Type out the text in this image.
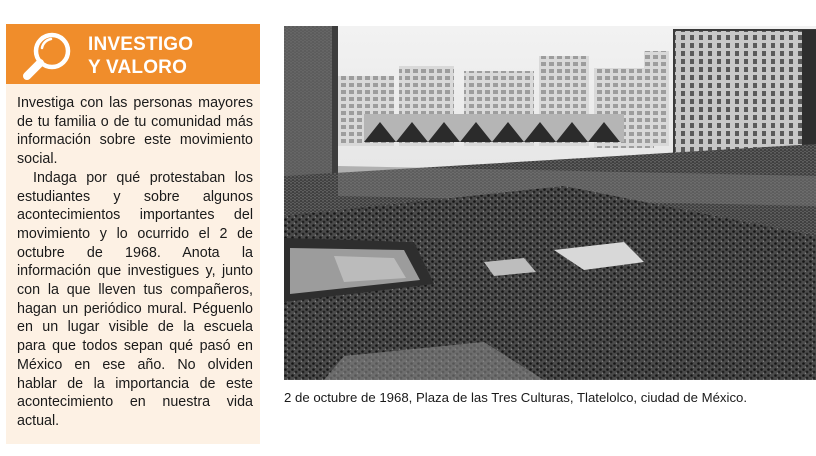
INVESTIGO
Y VALORO

Investiga con las personas mayores de tu familia o de tu comunidad más información sobre este movimiento social.

Indaga por qué protestaban los estudiantes y sobre algunos acontecimientos importantes del movimiento y lo ocurrido el 2 de octubre de 1968. Anota la información que investigues y, junto con la que lleven tus compañeros, hagan un periódico mural. Péguenlo en un lugar visible de la escuela para que todos sepan qué pasó en México en ese año. No olviden hablar de la importancia de este acontecimiento en nuestra vida actual.

2 de octubre de 1968, Plaza de las Tres Culturas, Tlatelolco, ciudad de México.
